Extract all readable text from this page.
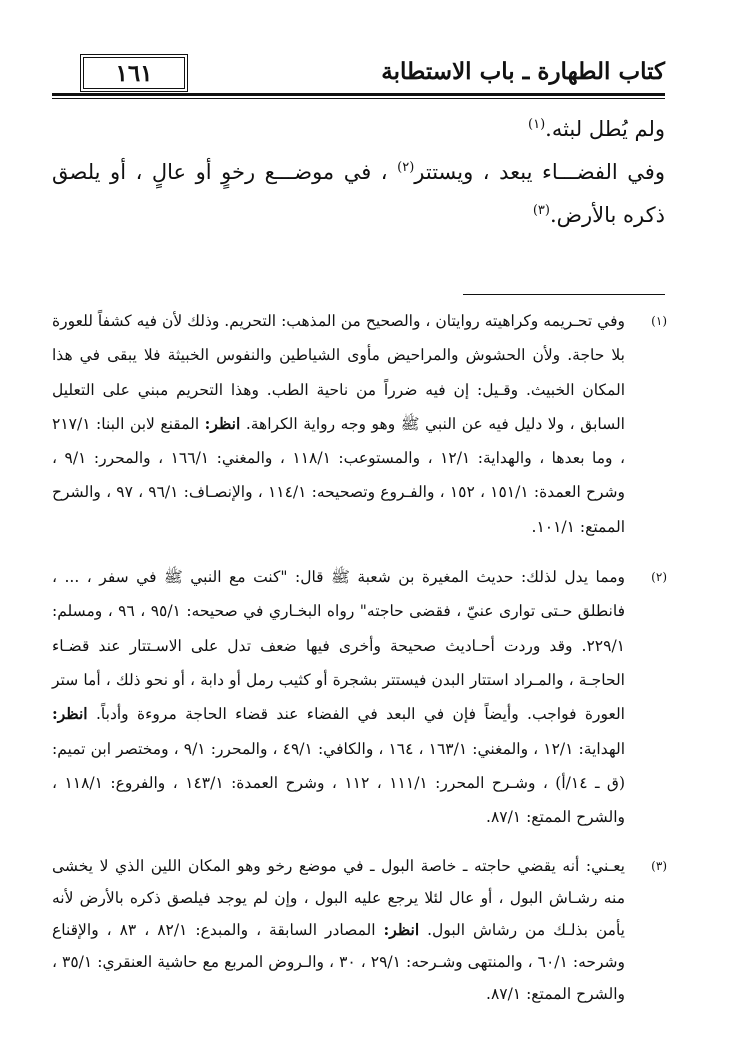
١٦١	كتاب الطهارة ـ باب الاستطابة

ولم يُطل لبثه.$^{(١)}$

وفي الفضـــاء يبعد ، ويستتر$^{(٢)}$ ، في موضـــع رخوٍ أو عالٍ ، أو يلصق ذكره بالأرض.$^{(٣)}$

(١)
وفي تحـريمه وكراهيته روايتان ، والصحيح من المذهب: التحريم. وذلك لأن فيه كشفاً للعورة بلا حاجة. ولأن الحشوش والمراحيض مأوى الشياطين والنفوس الخبيثة فلا يبقى في هذا المكان الخبيث. وقـيل: إن فيه ضرراً من ناحية الطب. وهذا التحريم مبني على التعليل السابق ، ولا دليل فيه عن النبي ﷺ وهو وجه رواية الكراهة. انظر: المقنع لابن البنا: ٢١٧/١ ، وما بعدها ، والهداية: ١٢/١ ، والمستوعب: ١١٨/١ ، والمغني: ١٦٦/١ ، والمحرر: ٩/١ ، وشرح العمدة: ١٥١/١ ، ١٥٢ ، والفـروع وتصحيحه: ١١٤/١ ، والإنصـاف: ٩٦/١ ، ٩٧ ، والشرح الممتع: ١٠١/١.
(٢)
ومما يدل لذلك: حديث المغيرة بن شعبة ﷺ قال: "كنت مع النبي ﷺ في سفر ، ... ، فانطلق حـتى توارى عنيّ ، فقضى حاجته" رواه البخـاري في صحيحه: ٩٥/١ ، ٩٦ ، ومسلم: ٢٢٩/١. وقد وردت أحـاديث صحيحة وأخرى فيها ضعف تدل على الاسـتتار عند قضـاء الحاجـة ، والمـراد استتار البدن فيستتر بشجرة أو كثيب رمل أو دابة ، أو نحو ذلك ، أما ستر العورة فواجب. وأيضاً فإن في البعد في الفضاء عند قضاء الحاجة مروءة وأدباً. انظر: الهداية: ١٢/١ ، والمغني: ١٦٣/١ ، ١٦٤ ، والكافي: ٤٩/١ ، والمحرر: ٩/١ ، ومختصر ابن تميم: (ق ـ ١٤/أ) ، وشـرح المحرر: ١١١/١ ، ١١٢ ، وشرح العمدة: ١٤٣/١ ، والفروع: ١١٨/١ ، والشرح الممتع: ٨٧/١.
(٣)
يعـني: أنه يقضي حاجته ـ خاصة البول ـ في موضع رخو وهو المكان اللين الذي لا يخشى منه رشـاش البول ، أو عال لئلا يرجع عليه البول ، وإن لم يوجد فيلصق ذكره بالأرض لأنه يأمن بذلـك من رشاش البول. انظر: المصادر السابقة ، والمبدع: ٨٢/١ ، ٨٣ ، والإقناع وشرحه: ٦٠/١ ، والمنتهى وشـرحه: ٢٩/١ ، ٣٠ ، والـروض المربع مع حاشية العنقري: ٣٥/١ ، والشرح الممتع: ٨٧/١.
